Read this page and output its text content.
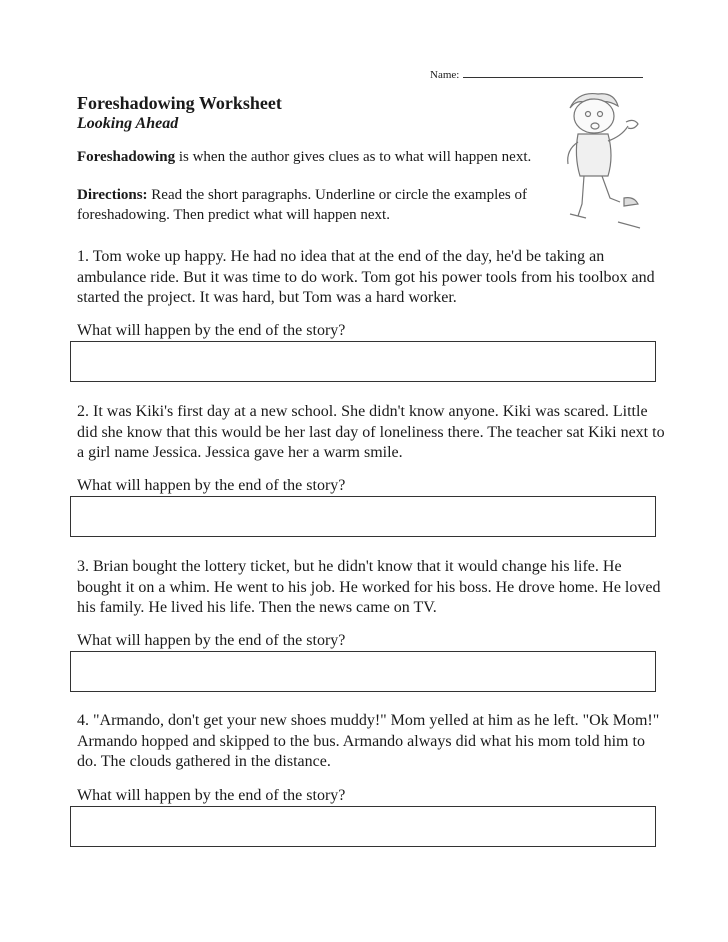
Name:
Foreshadowing Worksheet
Looking Ahead
Foreshadowing is when the author gives clues as to what will happen next.
Directions: Read the short paragraphs. Underline or circle the examples of foreshadowing. Then predict what will happen next.
1. Tom woke up happy. He had no idea that at the end of the day, he'd be taking an ambulance ride. But it was time to do work. Tom got his power tools from his toolbox and started the project. It was hard, but Tom was a hard worker.
What will happen by the end of the story?
2. It was Kiki's first day at a new school. She didn't know anyone. Kiki was scared. Little did she know that this would be her last day of loneliness there. The teacher sat Kiki next to a girl name Jessica. Jessica gave her a warm smile.
What will happen by the end of the story?
3. Brian bought the lottery ticket, but he didn't know that it would change his life. He bought it on a whim. He went to his job. He worked for his boss. He drove home. He loved his family. He lived his life. Then the news came on TV.
What will happen by the end of the story?
4. "Armando, don't get your new shoes muddy!" Mom yelled at him as he left. "Ok Mom!" Armando hopped and skipped to the bus. Armando always did what his mom told him to do. The clouds gathered in the distance.
What will happen by the end of the story?
